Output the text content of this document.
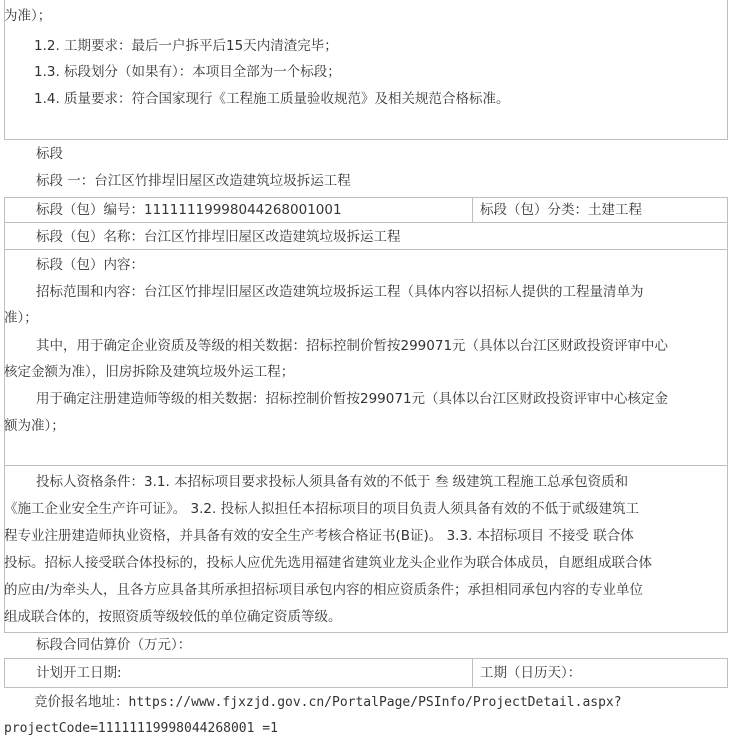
为准）；
1.2. 工期要求：最后一户拆平后15天内清渣完毕；
1.3. 标段划分（如果有）：本项目全部为一个标段；
1.4. 质量要求：符合国家现行《工程施工质量验收规范》及相关规范合格标准。
标段
标段 一：台江区竹排埕旧屋区改造建筑垃圾拆运工程
标段（包）编号：11111119998044268001001	标段（包）分类：土建工程
标段（包）名称：台江区竹排埕旧屋区改造建筑垃圾拆运工程
标段（包）内容：
招标范围和内容：台江区竹排埕旧屋区改造建筑垃圾拆运工程（具体内容以招标人提供的工程量清单为
准）；
其中，用于确定企业资质及等级的相关数据：招标控制价暂按299071元（具体以台江区财政投资评审中心
核定金额为准），旧房拆除及建筑垃圾外运工程；
用于确定注册建造师等级的相关数据：招标控制价暂按299071元（具体以台江区财政投资评审中心核定金
额为准）；
投标人资格条件：3.1. 本招标项目要求投标人须具备有效的不低于 叁 级建筑工程施工总承包资质和
《施工企业安全生产许可证》。 3.2. 投标人拟担任本招标项目的项目负责人须具备有效的不低于贰级建筑工
程专业注册建造师执业资格，并具备有效的安全生产考核合格证书(B证)。 3.3. 本招标项目 不接受 联合体
投标。招标人接受联合体投标的，投标人应优先选用福建省建筑业龙头企业作为联合体成员，自愿组成联合体
的应由/为牵头人，且各方应具备其所承担招标项目承包内容的相应资质条件；承担相同承包内容的专业单位
组成联合体的，按照资质等级较低的单位确定资质等级。
标段合同估算价（万元）：
计划开工日期:	工期（日历天）：
竞价报名地址：https://www.fjxzjd.gov.cn/PortalPage/PSInfo/ProjectDetail.aspx?
projectCode=11111119998044268001 =1
